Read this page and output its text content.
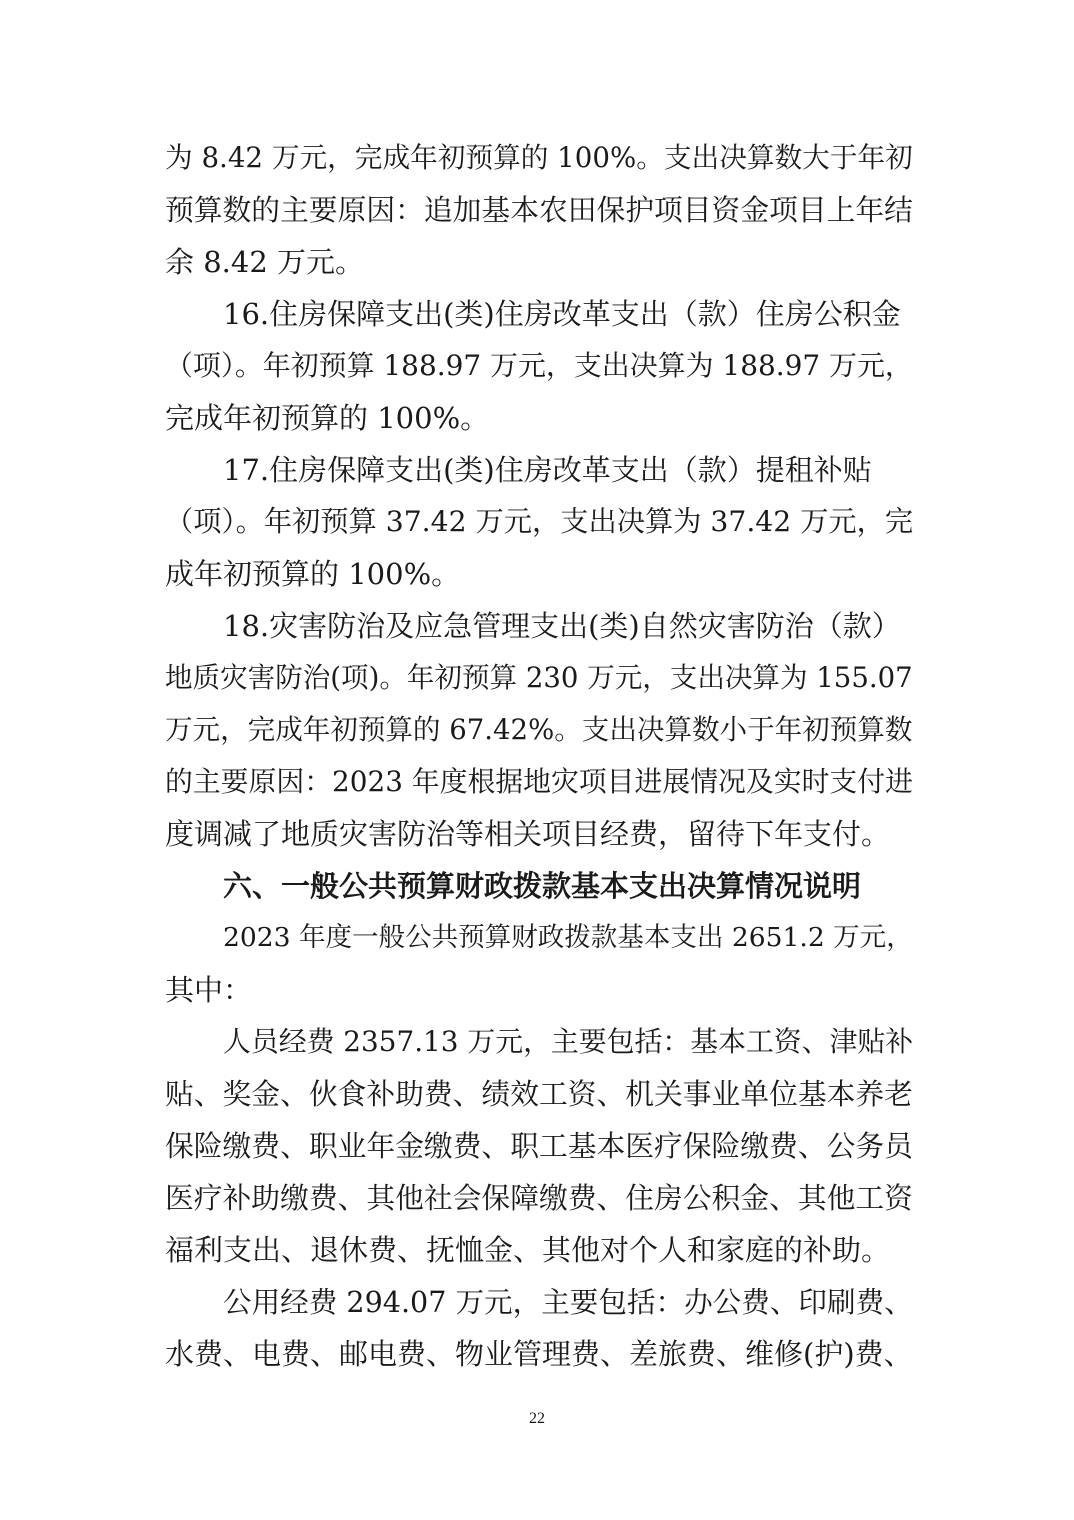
为 8.42 万元，完成年初预算的 100%。支出决算数大于年初
预算数的主要原因：追加基本农田保护项目资金项目上年结
余 8.42 万元。
16.住房保障支出(类)住房改革支出（款）住房公积金
（项）。年初预算 188.97 万元，支出决算为 188.97 万元，
完成年初预算的 100%。
17.住房保障支出(类)住房改革支出（款）提租补贴
（项）。年初预算 37.42 万元，支出决算为 37.42 万元，完
成年初预算的 100%。
18.灾害防治及应急管理支出(类)自然灾害防治（款）
地质灾害防治(项)。年初预算 230 万元，支出决算为 155.07
万元，完成年初预算的 67.42%。支出决算数小于年初预算数
的主要原因：2023 年度根据地灾项目进展情况及实时支付进
度调减了地质灾害防治等相关项目经费，留待下年支付。
六、一般公共预算财政拨款基本支出决算情况说明
2023 年度一般公共预算财政拨款基本支出 2651.2 万元，
其中：
人员经费 2357.13 万元，主要包括：基本工资、津贴补
贴、奖金、伙食补助费、绩效工资、机关事业单位基本养老
保险缴费、职业年金缴费、职工基本医疗保险缴费、公务员
医疗补助缴费、其他社会保障缴费、住房公积金、其他工资
福利支出、退休费、抚恤金、其他对个人和家庭的补助。
公用经费 294.07 万元，主要包括：办公费、印刷费、
水费、电费、邮电费、物业管理费、差旅费、维修(护)费、
22
